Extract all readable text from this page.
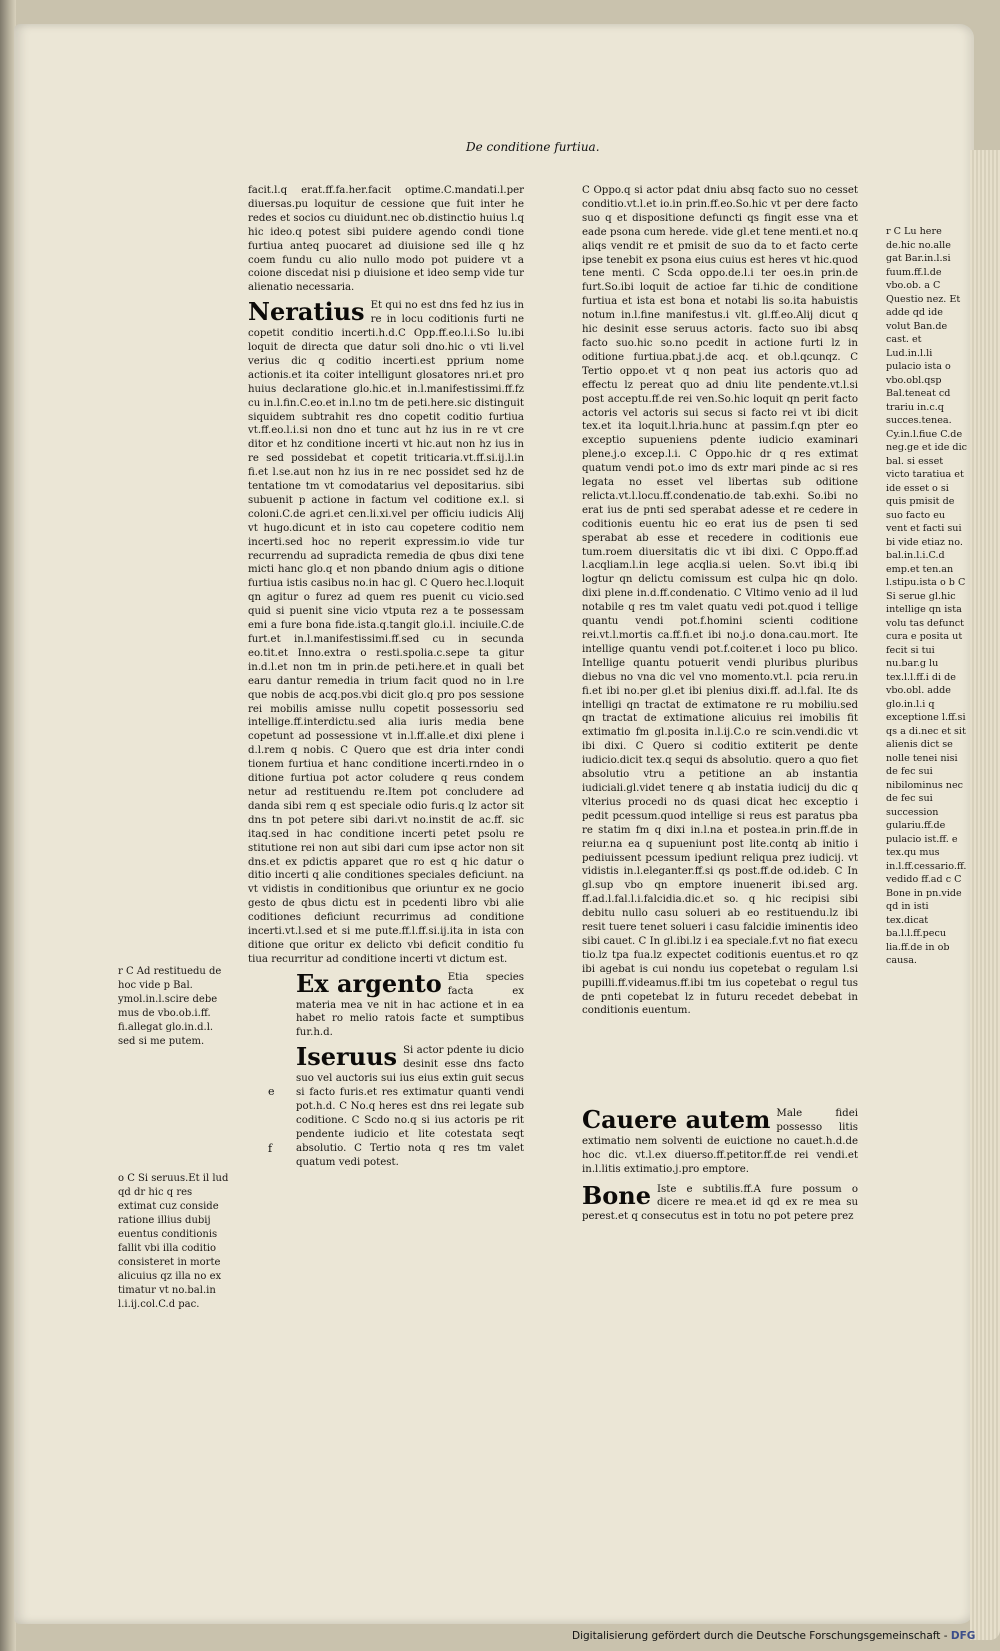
De conditione furtiua.

facit.l.q erat.ff.fa.her.facit optime.C.mandati.l.per diuersas.pu loquitur de cessione que fuit inter he redes et socios cu diuidunt.nec ob.distinctio huius l.q hic ideo.q potest sibi puidere agendo condi tione furtiua anteq puocaret ad diuisione sed ille q hz coem fundu cu alio nullo modo pot puidere vt a coione discedat nisi p diuisione et ideo semp vide tur alienatio necessaria.

Neratius Et qui no est dns fed hz ius in re in locu coditionis furti ne copetit conditio incerti.h.d.C Opp.ff.eo.l.i.So lu.ibi loquit de directa que datur soli dno.hic o vti li.vel verius dic q coditio incerti.est pprium nome actionis.et ita coiter intelligunt glosatores nri.et pro huius declaratione glo.hic.et in.l.manifestissimi.ff.fz cu in.l.fin.C.eo.et in.l.no tm de peti.here.sic distinguit siquidem subtrahit res dno copetit coditio furtiua vt.ff.eo.l.i.si non dno et tunc aut hz ius in re vt cre ditor et hz conditione incerti vt hic.aut non hz ius in re sed possidebat et copetit triticaria.vt.ff.si.ij.l.in fi.et l.se.aut non hz ius in re nec possidet sed hz de tentatione tm vt comodatarius vel depositarius. sibi subuenit p actione in factum vel coditione ex.l. si coloni.C.de agri.et cen.li.xi.vel per officiu iudicis Alij vt hugo.dicunt et in isto cau copetere coditio nem incerti.sed hoc no reperit expressim.io vide tur recurrendu ad supradicta remedia de qbus dixi tene micti hanc glo.q et non pbando dnium agis o ditione furtiua istis casibus no.in hac gl. C Quero hec.l.loquit qn agitur o furez ad quem res puenit cu vicio.sed quid si puenit sine vicio vtputa rez a te possessam emi a fure bona fide.ista.q.tangit glo.i.l. inciuile.C.de furt.et in.l.manifestissimi.ff.sed cu in secunda eo.tit.et Inno.extra o resti.spolia.c.sepe ta gitur in.d.l.et non tm in prin.de peti.here.et in quali bet earu dantur remedia in trium facit quod no in l.re que nobis de acq.pos.vbi dicit glo.q pro pos sessione rei mobilis amisse nullu copetit possessoriu sed intellige.ff.interdictu.sed alia iuris media bene copetunt ad possessione vt in.l.ff.alle.et dixi plene i d.l.rem q nobis. C Quero que est dria inter condi tionem furtiua et hanc conditione incerti.rndeo in o ditione furtiua pot actor coludere q reus condem netur ad restituendu re.Item pot concludere ad danda sibi rem q est speciale odio furis.q lz actor sit dns tn pot petere sibi dari.vt no.instit de ac.ff. sic itaq.sed in hac conditione incerti petet psolu re stitutione rei non aut sibi dari cum ipse actor non sit dns.et ex pdictis apparet que ro est q hic datur o ditio incerti q alie conditiones speciales deficiunt. na vt vidistis in conditionibus que oriuntur ex ne gocio gesto de qbus dictu est in pcedenti libro vbi alie coditiones deficiunt recurrimus ad conditione incerti.vt.l.sed et si me pute.ff.l.ff.si.ij.ita in ista con ditione que oritur ex delicto vbi deficit conditio fu tiua recurritur ad conditione incerti vt dictum est.

Ex argento Etia species facta ex materia mea ve nit in hac actione et in ea habet ro melio ratois facte et sumptibus fur.h.d.

Iseruus Si actor pdente iu dicio desinit esse dns facto suo vel auctoris sui ius eius extin guit secus si facto furis.et res extimatur quanti vendi pot.h.d. C No.q heres est dns rei legate sub coditione. C Scdo no.q si ius actoris pe rit pendente iudicio et lite cotestata seqt absolutio. C Tertio nota q res tm valet quatum vedi potest.

e
f

C Oppo.q si actor pdat dniu absq facto suo no cesset conditio.vt.l.et io.in prin.ff.eo.So.hic vt per dere facto suo q et dispositione defuncti qs fingit esse vna et eade psona cum herede. vide gl.et tene menti.et no.q aliqs vendit re et pmisit de suo da to et facto certe ipse tenebit ex psona eius cuius est heres vt hic.quod tene menti. C Scda oppo.de.l.i ter oes.in prin.de furt.So.ibi loquit de actioe far ti.hic de conditione furtiua et ista est bona et notabi lis so.ita habuistis notum in.l.fine manifestus.i vlt. gl.ff.eo.Alij dicut q hic desinit esse seruus actoris. facto suo ibi absq facto suo.hic so.no pcedit in actione furti lz in oditione furtiua.pbat.j.de acq. et ob.l.qcunqz. C Tertio oppo.et vt q non peat ius actoris quo ad effectu lz pereat quo ad dniu lite pendente.vt.l.si post acceptu.ff.de rei ven.So.hic loquit qn perit facto actoris vel actoris sui secus si facto rei vt ibi dicit tex.et ita loquit.l.hria.hunc at passim.f.qn pter eo exceptio supueniens pdente iudicio examinari plene.j.o excep.l.i. C Oppo.hic dr q res extimat quatum vendi pot.o imo ds extr mari pinde ac si res legata no esset vel libertas sub oditione relicta.vt.l.locu.ff.condenatio.de tab.exhi. So.ibi no erat ius de pnti sed sperabat adesse et re cedere in coditionis euentu hic eo erat ius de psen ti sed sperabat ab esse et recedere in coditionis eue tum.roem diuersitatis dic vt ibi dixi. C Oppo.ff.ad l.acqliam.l.in lege acqlia.si uelen. So.vt ibi.q ibi logtur qn delictu comissum est culpa hic qn dolo. dixi plene in.d.ff.condenatio. C Vltimo venio ad il lud notabile q res tm valet quatu vedi pot.quod i tellige quantu vendi pot.f.homini scienti coditione rei.vt.l.mortis ca.ff.fi.et ibi no.j.o dona.cau.mort. Ite intellige quantu vendi pot.f.coiter.et i loco pu blico. Intellige quantu potuerit vendi pluribus pluribus diebus no vna dic vel vno momento.vt.l. pcia reru.in fi.et ibi no.per gl.et ibi plenius dixi.ff. ad.l.fal. Ite ds intelligi qn tractat de extimatone re ru mobiliu.sed qn tractat de extimatione alicuius rei imobilis fit extimatio fm gl.posita in.l.ij.C.o re scin.vendi.dic vt ibi dixi. C Quero si coditio extiterit pe dente iudicio.dicit tex.q sequi ds absolutio. quero a quo fiet absolutio vtru a petitione an ab instantia iudiciali.gl.videt tenere q ab instatia iudicij du dic q vlterius procedi no ds quasi dicat hec exceptio i pedit pcessum.quod intellige si reus est paratus pba re statim fm q dixi in.l.na et postea.in prin.ff.de in reiur.na ea q supueniunt post lite.contq ab initio i pediuissent pcessum ipediunt reliqua prez iudicij. vt vidistis in.l.eleganter.ff.si qs post.ff.de od.ideb. C In gl.sup vbo qn emptore inuenerit ibi.sed arg. ff.ad.l.fal.l.i.falcidia.dic.et so. q hic recipisi sibi debitu nullo casu solueri ab eo restituendu.lz ibi resit tuere tenet solueri i casu falcidie iminentis ideo sibi cauet. C In gl.ibi.lz i ea speciale.f.vt no fiat execu tio.lz tpa fua.lz expectet coditionis euentus.et ro qz ibi agebat is cui nondu ius copetebat o regulam l.si pupilli.ff.videamus.ff.ibi tm ius copetebat o regul tus de pnti copetebat lz in futuru recedet debebat in conditionis euentum.

Cauere autem Male fidei possesso litis extimatio nem solventi de euictione no cauet.h.d.de hoc dic. vt.l.ex diuerso.ff.petitor.ff.de rei vendi.et in.l.litis extimatio.j.pro emptore.

Bone Iste e subtilis.ff.A fure possum o dicere re mea.et id qd ex re mea su perest.et q consecutus est in totu no pot petere prez

r C Ad restituedu de hoc vide p Bal. ymol.in.l.scire debe mus de vbo.ob.i.ff. fi.allegat glo.in.d.l. sed si me putem.
o C Si seruus.Et il lud qd dr hic q res extimat cuz conside ratione illius dubij euentus conditionis fallit vbi illa coditio consisteret in morte alicuius qz illa no ex timatur vt no.bal.in l.i.ij.col.C.d pac.
r C Lu here de.hic no.alle gat Bar.in.l.si fuum.ff.l.de vbo.ob. a C Questio nez. Et adde qd ide volut Ban.de cast. et Lud.in.l.li pulacio ista o vbo.obl.qsp Bal.teneat cd trariu in.c.q succes.tenea. Cy.in.l.fiue C.de neg.ge et ide dic bal. si esset victo taratiua et ide esset o si quis pmisit de suo facto eu vent et facti sui bi vide etiaz no. bal.in.l.i.C.d emp.et ten.an l.stipu.ista o b C Si serue gl.hic intellige qn ista volu tas defunct cura e posita ut fecit si tui nu.bar.g lu tex.l.l.ff.i di de vbo.obl. adde glo.in.l.i q exceptione l.ff.si qs a di.nec et sit alienis dict se nolle tenei nisi de fec sui nibilominus nec de fec sui succession gulariu.ff.de pulacio ist.ff. e tex.qu mus in.l.ff.cessario.ff. vedido ff.ad c C Bone in pn.vide qd in isti tex.dicat ba.l.l.ff.pecu lia.ff.de in ob causa.
Digitalisierung gefördert durch die Deutsche Forschungsgemeinschaft - DFG
